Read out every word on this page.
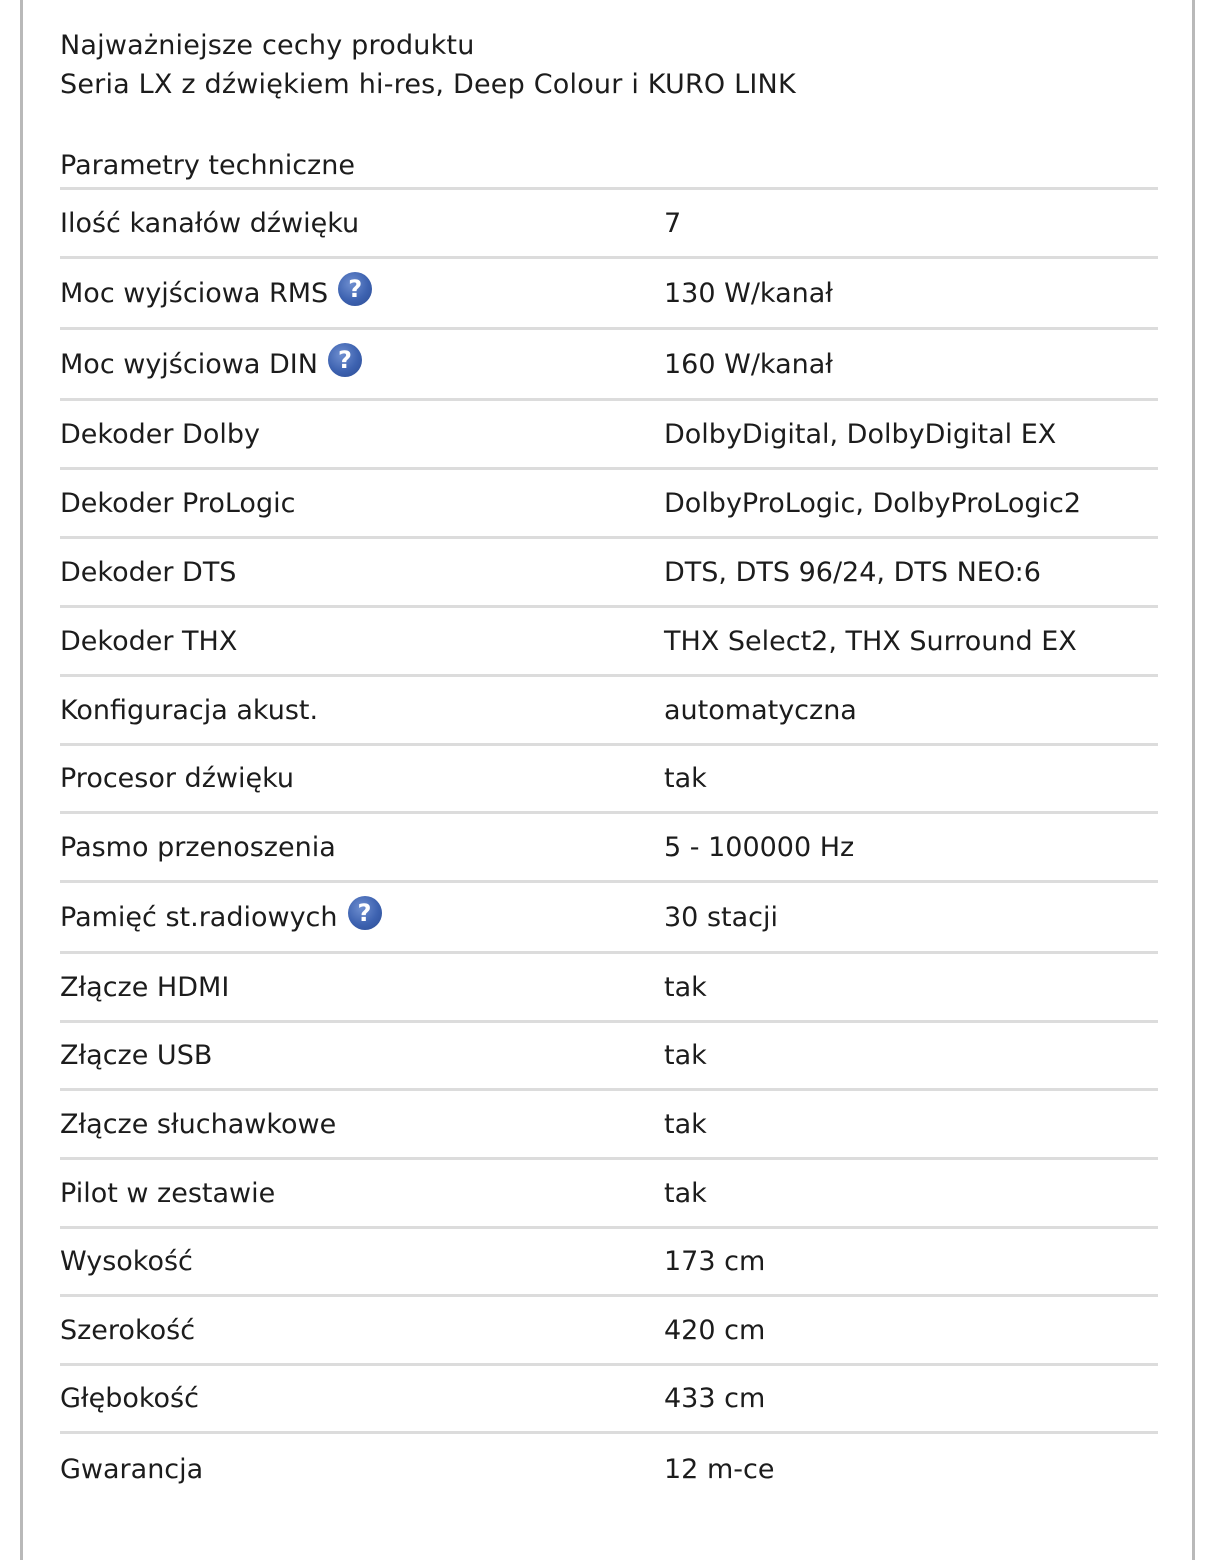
Najważniejsze cechy produktu
Seria LX z dźwiękiem hi-res, Deep Colour i KURO LINK
Parametry techniczne
Ilość kanałów dźwięku	7
Moc wyjściowa RMS ?	130 W/kanał
Moc wyjściowa DIN ?	160 W/kanał
Dekoder Dolby	DolbyDigital, DolbyDigital EX
Dekoder ProLogic	DolbyProLogic, DolbyProLogic2
Dekoder DTS	DTS, DTS 96/24, DTS NEO:6
Dekoder THX	THX Select2, THX Surround EX
Konfiguracja akust.	automatyczna
Procesor dźwięku	tak
Pasmo przenoszenia	5 - 100000 Hz
Pamięć st.radiowych ?	30 stacji
Złącze HDMI	tak
Złącze USB	tak
Złącze słuchawkowe	tak
Pilot w zestawie	tak
Wysokość	173 cm
Szerokość	420 cm
Głębokość	433 cm
Gwarancja	12 m-ce
